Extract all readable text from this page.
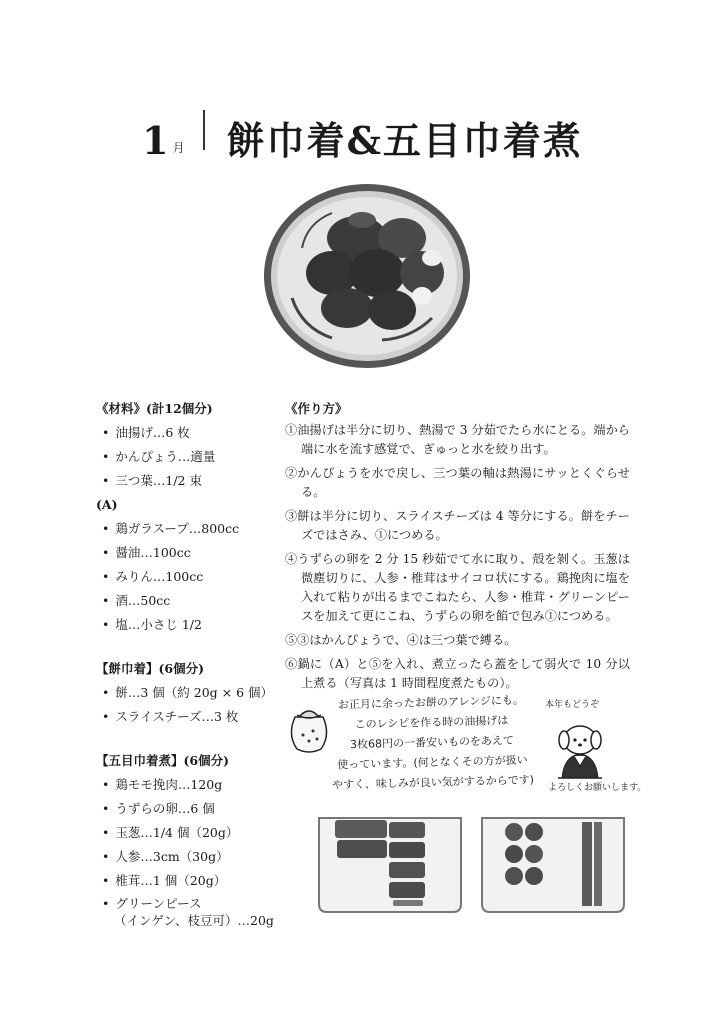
1 月 餅巾着&五目巾着煮
《材料》(計12個分)
• 油揚げ…6 枚
• かんぴょう…適量
• 三つ葉…1/2 束
(A)
• 鶏ガラスープ…800cc
• 醤油…100cc
• みりん…100cc
• 酒…50cc
• 塩…小さじ 1/2
【餅巾着】(6個分)
• 餅…3 個（約 20g × 6 個）
• スライスチーズ…3 枚
【五目巾着煮】(6個分)
• 鶏モモ挽肉…120g
• うずらの卵…6 個
• 玉葱…1/4 個（20g）
• 人参…3cm（30g）
• 椎茸…1 個（20g）
• グリーンピース
（インゲン、枝豆可）…20g
《作り方》
①油揚げは半分に切り、熱湯で 3 分茹でたら水にとる。端から端に水を流す感覚で、ぎゅっと水を絞り出す。
②かんぴょうを水で戻し、三つ葉の軸は熱湯にサッとくぐらせる。
③餅は半分に切り、スライスチーズは 4 等分にする。餅をチーズではさみ、①につめる。
④うずらの卵を 2 分 15 秒茹でて水に取り、殻を剝く。玉葱は微塵切りに、人参・椎茸はサイコロ状にする。鶏挽肉に塩を入れて粘りが出るまでこねたら、人参・椎茸・グリーンピースを加えて更にこね、うずらの卵を餡で包み①につめる。
⑤③はかんぴょうで、④は三つ葉で縛る。
⑥鍋に（A）と⑤を入れ、煮立ったら蓋をして弱火で 10 分以上煮る（写真は 1 時間程度煮たもの）。
お正月に余ったお餅のアレンジにも。
このレシピを作る時の油揚げは
3枚68円の一番安いものをあえて
使っています。(何となくその方が扱い
やすく、味しみが良い気がするからです)
本年もどうぞ
よろしくお願いします。
